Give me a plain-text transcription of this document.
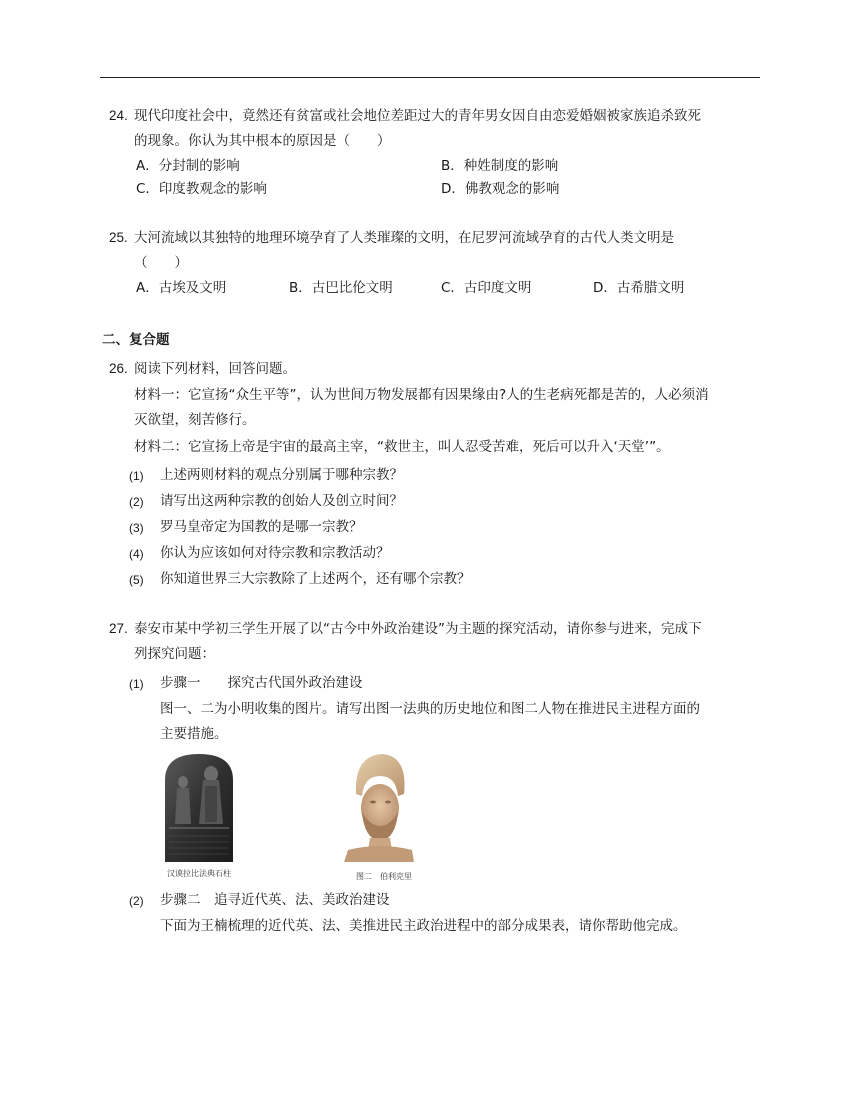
24. 现代印度社会中，竟然还有贫富或社会地位差距过大的青年男女因自由恋爱婚姻被家族追杀致死
的现象。你认为其中根本的原因是（　　）
A．分封制的影响	B．种姓制度的影响
C．印度教观念的影响	D．佛教观念的影响
25. 大河流域以其独特的地理环境孕育了人类璀璨的文明，在尼罗河流域孕育的古代人类文明是
（　　）
A．古埃及文明	B．古巴比伦文明	C．古印度文明	D．古希腊文明
二、复合题
26. 阅读下列材料，回答问题。
材料一：它宣扬“众生平等”，认为世间万物发展都有因果缘由?人的生老病死都是苦的，人必须消
灭欲望，刻苦修行。
材料二：它宣扬上帝是宇宙的最高主宰，“救世主，叫人忍受苦难，死后可以升入‘天堂’”。
(1) 上述两则材料的观点分别属于哪种宗教？
(2) 请写出这两种宗教的创始人及创立时间？
(3) 罗马皇帝定为国教的是哪一宗教？
(4) 你认为应该如何对待宗教和宗教活动？
(5) 你知道世界三大宗教除了上述两个，还有哪个宗教？
27. 泰安市某中学初三学生开展了以“古今中外政治建设”为主题的探究活动，请你参与进来，完成下
列探究问题：
(1) 步骤一　　探究古代国外政治建设
图一、二为小明收集的图片。请写出图一法典的历史地位和图二人物在推进民主进程方面的
主要措施。
汉谟拉比法典石柱	图二　伯利克里
(2) 步骤二　追寻近代英、法、美政治建设
下面为王楠梳理的近代英、法、美推进民主政治进程中的部分成果表，请你帮助他完成。
